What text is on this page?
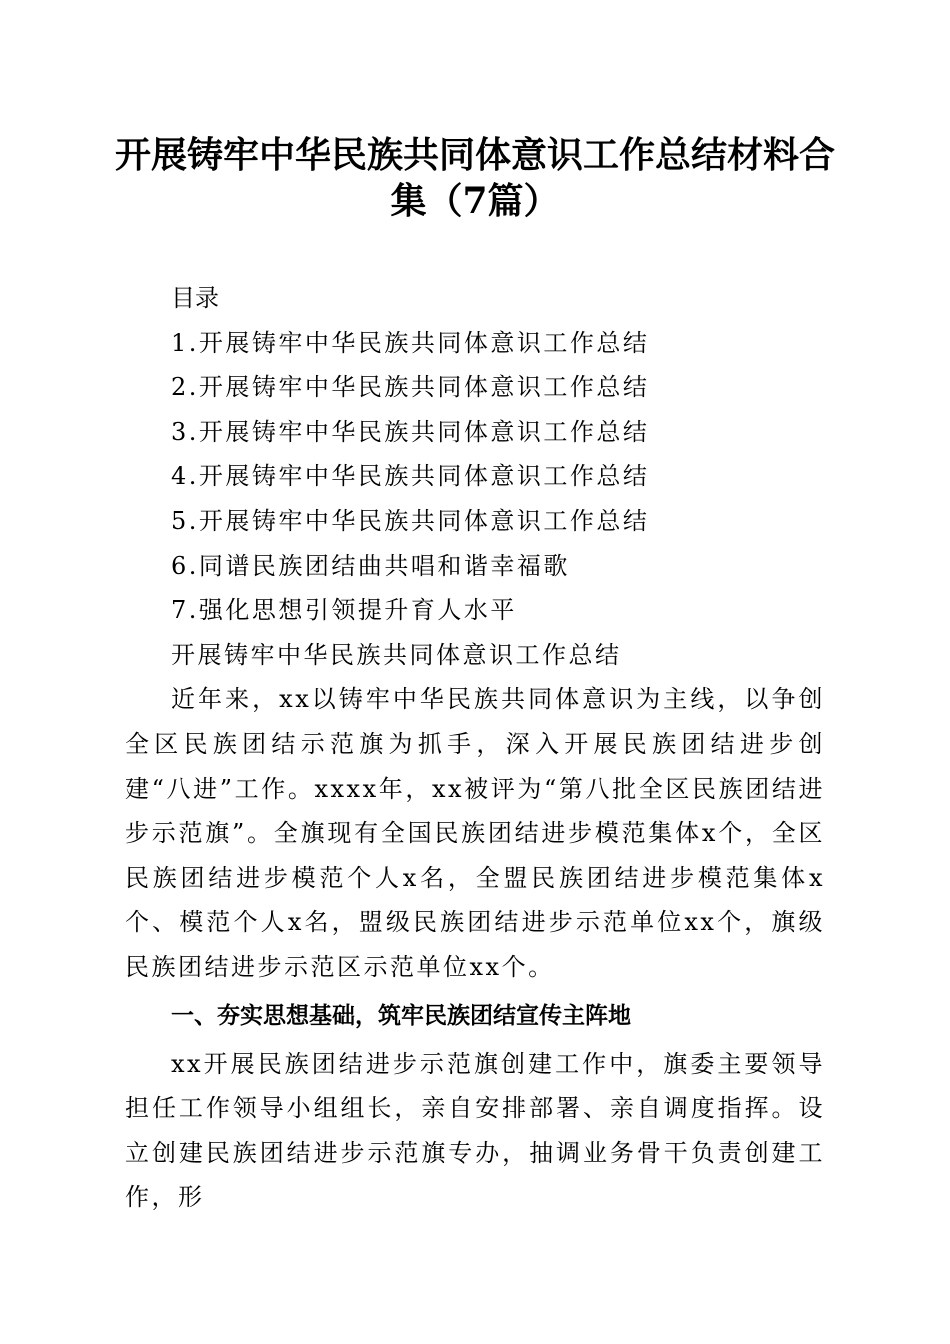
开展铸牢中华民族共同体意识工作总结材料合集（7篇）

目录

1.开展铸牢中华民族共同体意识工作总结

2.开展铸牢中华民族共同体意识工作总结

3.开展铸牢中华民族共同体意识工作总结

4.开展铸牢中华民族共同体意识工作总结

5.开展铸牢中华民族共同体意识工作总结

6.同谱民族团结曲共唱和谐幸福歌

7.强化思想引领提升育人水平

开展铸牢中华民族共同体意识工作总结

近年来，xx以铸牢中华民族共同体意识为主线，以争创全区民族团结示范旗为抓手，深入开展民族团结进步创建“八进”工作。xxxx年，xx被评为“第八批全区民族团结进步示范旗”。全旗现有全国民族团结进步模范集体x个，全区民族团结进步模范个人x名，全盟民族团结进步模范集体x个、模范个人x名，盟级民族团结进步示范单位xx个，旗级民族团结进步示范区示范单位xx个。

一、夯实思想基础，筑牢民族团结宣传主阵地

xx开展民族团结进步示范旗创建工作中，旗委主要领导担任工作领导小组组长，亲自安排部署、亲自调度指挥。设立创建民族团结进步示范旗专办，抽调业务骨干负责创建工作，形
